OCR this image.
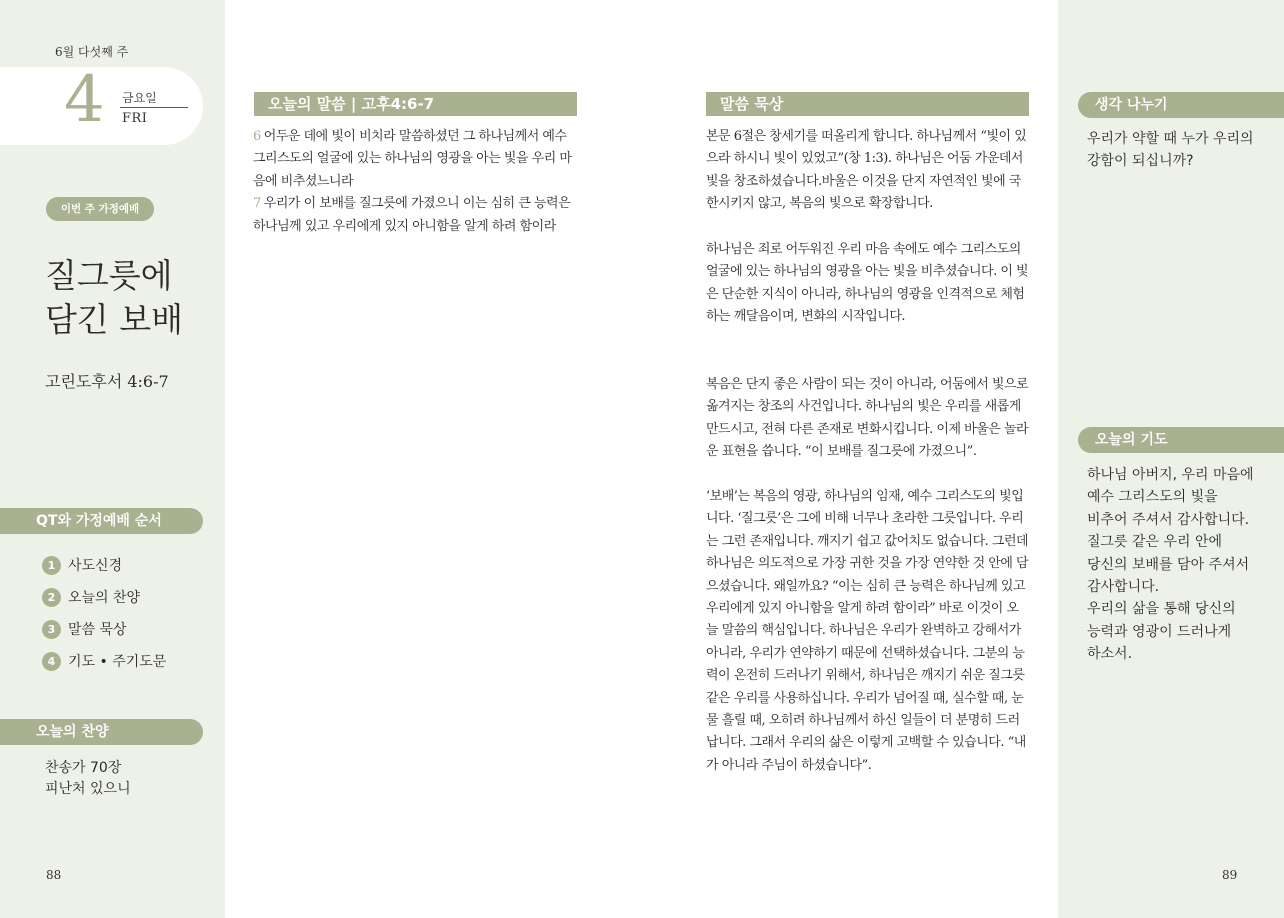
6월 다섯째 주
4 금요일
FRI
이번 주 가정예배
질그릇에
담긴 보배
고린도후서 4:6-7
QT와 가정예배 순서
1 사도신경
2 오늘의 찬양
3 말씀 묵상
4 기도 • 주기도문
오늘의 찬양
찬송가 70장
피난처 있으니
88
오늘의 말씀 | 고후4:6-7
6 어두운 데에 빛이 비치라 말씀하셨던 그 하나님께서 예수 그리스도의 얼굴에 있는 하나님의 영광을 아는 빛을 우리 마음에 비추셨느니라
7 우리가 이 보배를 질그릇에 가졌으니 이는 심히 큰 능력은 하나님께 있고 우리에게 있지 아니함을 알게 하려 함이라
말씀 묵상
본문 6절은 창세기를 떠올리게 합니다. 하나님께서 “빛이 있으라 하시니 빛이 있었고”(창 1:3). 하나님은 어둠 가운데서 빛을 창조하셨습니다.바울은 이것을 단지 자연적인 빛에 국한시키지 않고, 복음의 빛으로 확장합니다.
하나님은 죄로 어두워진 우리 마음 속에도 예수 그리스도의 얼굴에 있는 하나님의 영광을 아는 빛을 비추셨습니다. 이 빛은 단순한 지식이 아니라, 하나님의 영광을 인격적으로 체험하는 깨달음이며, 변화의 시작입니다.
복음은 단지 좋은 사람이 되는 것이 아니라, 어둠에서 빛으로 옮겨지는 창조의 사건입니다. 하나님의 빛은 우리를 새롭게 만드시고, 전혀 다른 존재로 변화시킵니다. 이제 바울은 놀라운 표현을 씁니다. “이 보배를 질그릇에 가졌으니”.
‘보배’는 복음의 영광, 하나님의 임재, 예수 그리스도의 빛입니다. ‘질그릇’은 그에 비해 너무나 초라한 그릇입니다. 우리는 그런 존재입니다. 깨지기 쉽고 값어치도 없습니다. 그런데 하나님은 의도적으로 가장 귀한 것을 가장 연약한 것 안에 담으셨습니다. 왜일까요? “이는 심히 큰 능력은 하나님께 있고 우리에게 있지 아니함을 알게 하려 함이라” 바로 이것이 오늘 말씀의 핵심입니다. 하나님은 우리가 완벽하고 강해서가 아니라, 우리가 연약하기 때문에 선택하셨습니다. 그분의 능력이 온전히 드러나기 위해서, 하나님은 깨지기 쉬운 질그릇 같은 우리를 사용하십니다. 우리가 넘어질 때, 실수할 때, 눈물 흘릴 때, 오히려 하나님께서 하신 일들이 더 분명히 드러납니다. 그래서 우리의 삶은 이렇게 고백할 수 있습니다. “내가 아니라 주님이 하셨습니다”.
생각 나누기
우리가 약할 때 누가 우리의
강함이 되십니까?
오늘의 기도
하나님 아버지, 우리 마음에
예수 그리스도의 빛을
비추어 주셔서 감사합니다.
질그릇 같은 우리 안에
당신의 보배를 담아 주셔서
감사합니다.
우리의 삶을 통해 당신의
능력과 영광이 드러나게
하소서.
89
